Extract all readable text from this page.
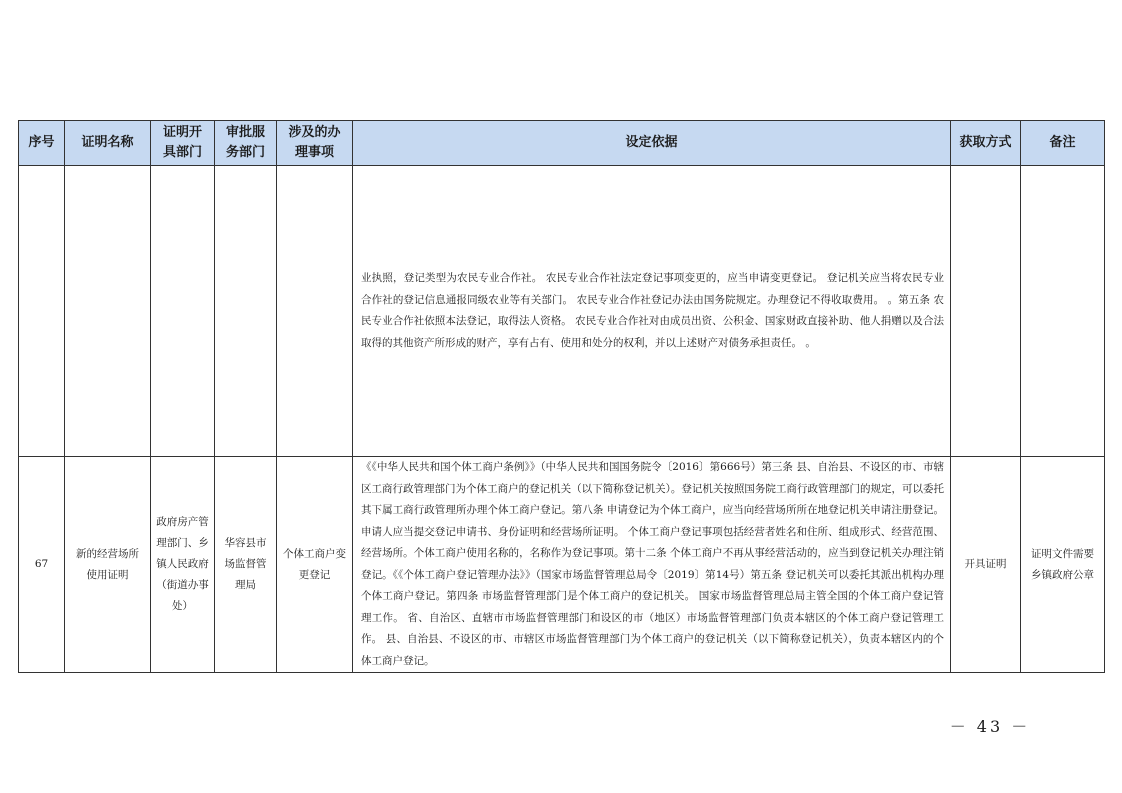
序号	证明名称	证明开具部门	审批服务部门	涉及的办理事项	设定依据	获取方式	备注

					业执照，登记类型为农民专业合作社。 农民专业合作社法定登记事项变更的，应当申请变更登记。 登记机关应当将农民专业合作社的登记信息通报同级农业等有关部门。 农民专业合作社登记办法由国务院规定。办理登记不得收取费用。 。第五条 农民专业合作社依照本法登记，取得法人资格。 农民专业合作社对由成员出资、公积金、国家财政直接补助、他人捐赠以及合法取得的其他资产所形成的财产，享有占有、使用和处分的权利，并以上述财产对债务承担责任。 。		

67	新的经营场所使用证明	政府房产管理部门、乡镇人民政府（街道办事处）	华容县市场监督管理局	个体工商户变更登记	《《中华人民共和国个体工商户条例》》（中华人民共和国国务院令〔2016〕第666号）第三条 县、自治县、不设区的市、市辖区工商行政管理部门为个体工商户的登记机关（以下简称登记机关）。登记机关按照国务院工商行政管理部门的规定，可以委托其下属工商行政管理所办理个体工商户登记。第八条 申请登记为个体工商户，应当向经营场所所在地登记机关申请注册登记。申请人应当提交登记申请书、身份证明和经营场所证明。 个体工商户登记事项包括经营者姓名和住所、组成形式、经营范围、经营场所。个体工商户使用名称的，名称作为登记事项。第十二条 个体工商户不再从事经营活动的，应当到登记机关办理注销登记。《《个体工商户登记管理办法》》（国家市场监督管理总局令〔2019〕第14号）第五条 登记机关可以委托其派出机构办理个体工商户登记。第四条 市场监督管理部门是个体工商户的登记机关。 国家市场监督管理总局主管全国的个体工商户登记管理工作。 省、自治区、直辖市市场监督管理部门和设区的市（地区）市场监督管理部门负责本辖区的个体工商户登记管理工作。 县、自治县、不设区的市、市辖区市场监督管理部门为个体工商户的登记机关（以下简称登记机关），负责本辖区内的个体工商户登记。	开具证明	证明文件需要乡镇政府公章
－ 43 －
